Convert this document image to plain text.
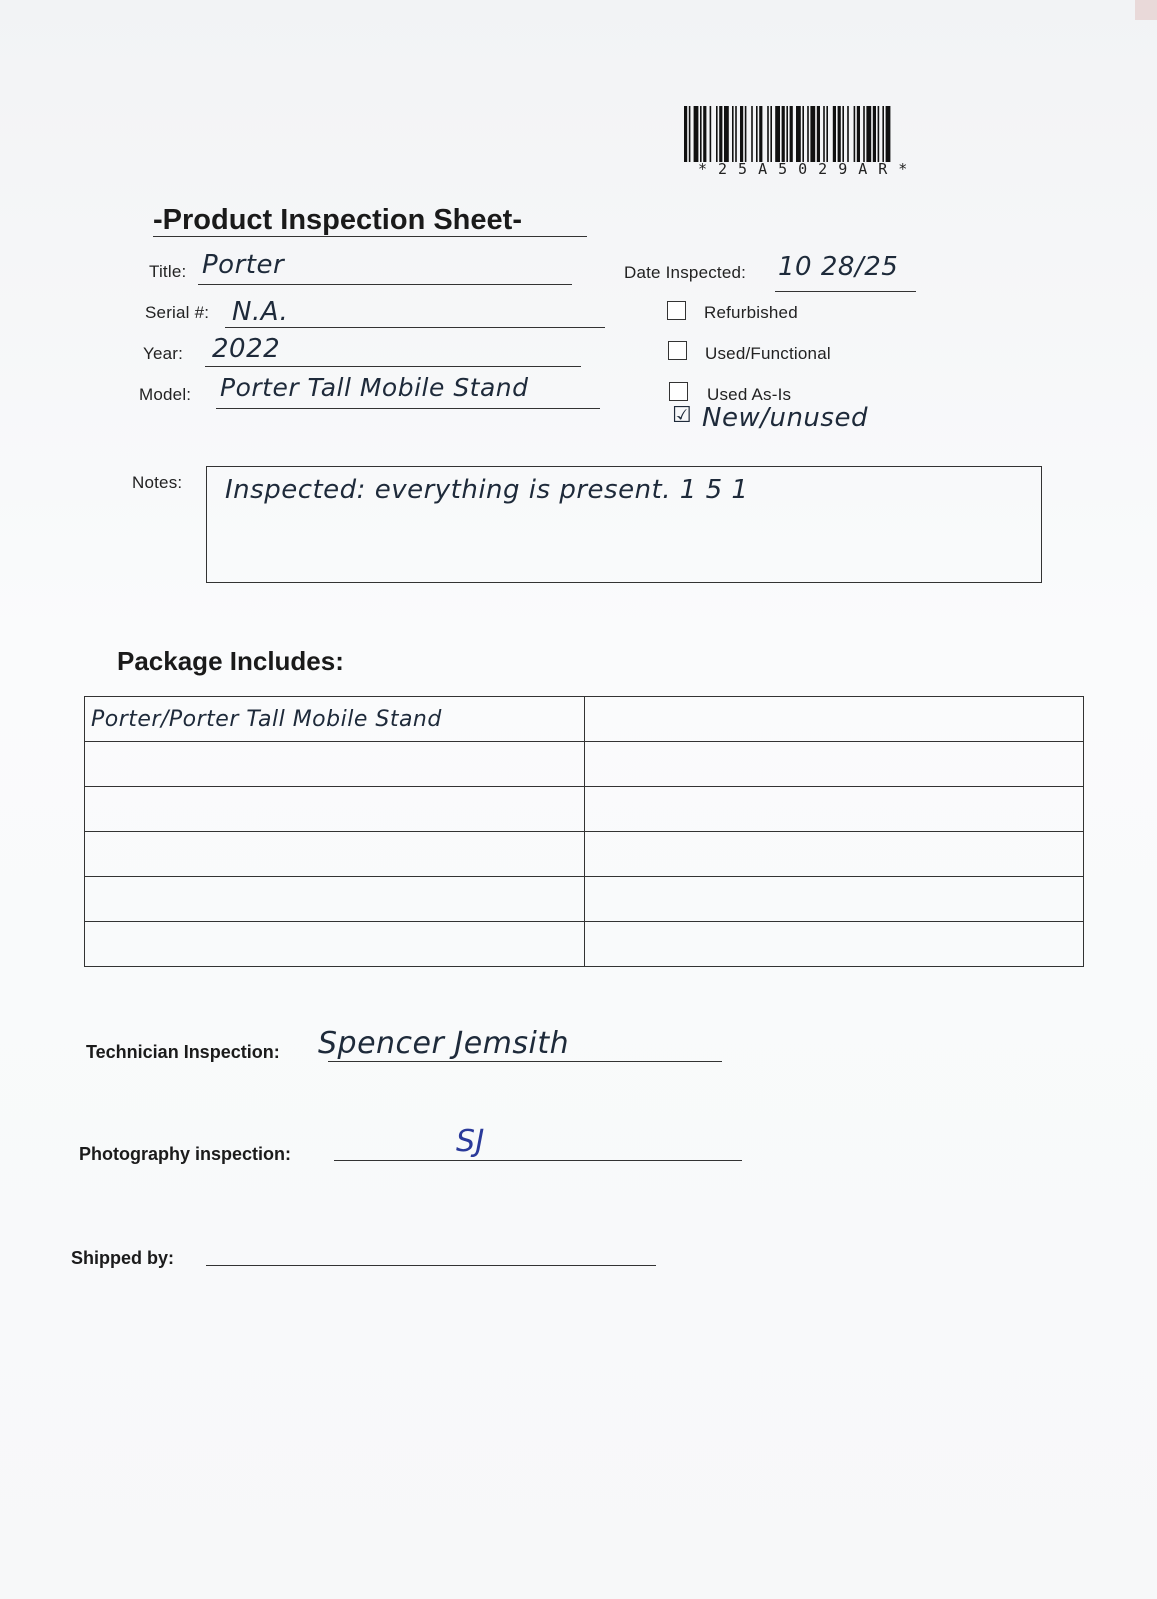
*25A5029AR*
-Product Inspection Sheet-
Title: Porter
Serial #: N.A.
Year: 2022
Model: Porter Tall Mobile Stand
Date Inspected: 10 28/25
Refurbished
Used/Functional
Used As-Is
☑ New/unused
Notes: Inspected: everything is present. 1 5 1
Package Includes:
Porter/Porter Tall Mobile Stand	

Technician Inspection: Spencer Jemsith
Photography inspection:	SJ
Shipped by:
